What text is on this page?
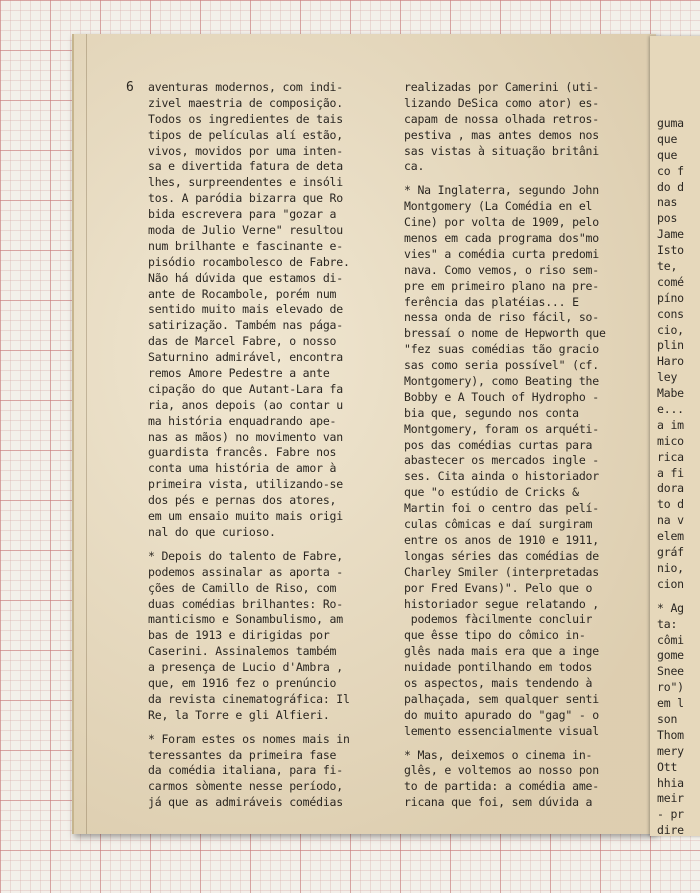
guma
que
que
co f
do d
nas
pos
Jame
Isto
te,
comé
píno
cons
cio,
plin
Haro
ley
Mabe
e...
a im
mico
rica
a fi
dora
to d
na v
elem
gráf
nio,
cion
* Ag
ta:
cômi
gome
Snee
ro")
em l
son
Thom
mery
Ott
hhia
meir
- pr
dire
6 aventuras modernos, com indi-
zivel maestria de composição.
Todos os ingredientes de tais
tipos de películas alí estão,
vivos, movidos por uma inten-
sa e divertida fatura de deta
lhes, surpreendentes e insóli
tos. A paródia bizarra que Ro
bida escrevera para "gozar a
moda de Julio Verne" resultou
num brilhante e fascinante e-
pisódio rocambolesco de Fabre.
Não há dúvida que estamos di-
ante de Rocambole, porém num
sentido muito mais elevado de
satirização. Também nas pága-
das de Marcel Fabre, o nosso
Saturnino admirável, encontra
remos Amore Pedestre a ante
cipação do que Autant-Lara fa
ria, anos depois (ao contar u
ma história enquadrando ape-
nas as mãos) no movimento van
guardista francês. Fabre nos
conta uma história de amor à
primeira vista, utilizando-se
dos pés e pernas dos atores,
em um ensaio muito mais origi
nal do que curioso.
* Depois do talento de Fabre,
podemos assinalar as aporta -
ções de Camillo de Riso, com
duas comédias brilhantes: Ro-
manticismo e Sonambulismo, am
bas de 1913 e dirigidas por
Caserini. Assinalemos também
a presença de Lucio d'Ambra ,
que, em 1916 fez o prenúncio
da revista cinematográfica: Il
Re, la Torre e gli Alfieri.
* Foram estes os nomes mais in
teressantes da primeira fase
da comédia italiana, para fi-
carmos sòmente nesse período,
já que as admiráveis comédias
realizadas por Camerini (uti-
lizando DeSica como ator) es-
capam de nossa olhada retros-
pestiva , mas antes demos nos
sas vistas à situação britâni
ca.
* Na Inglaterra, segundo John
Montgomery (La Comédia en el
Cine) por volta de 1909, pelo
menos em cada programa dos"mo
vies" a comédia curta predomi
nava. Como vemos, o riso sem-
pre em primeiro plano na pre-
ferência das platéias... E
nessa onda de riso fácil, so-
bressaí o nome de Hepworth que
"fez suas comédias tão gracio
sas como seria possível" (cf.
Montgomery), como Beating the
Bobby e A Touch of Hydropho -
bia que, segundo nos conta
Montgomery, foram os arquéti-
pos das comédias curtas para
abastecer os mercados ingle -
ses. Cita ainda o historiador
que "o estúdio de Cricks &
Martin foi o centro das pelí-
culas cômicas e daí surgiram
entre os anos de 1910 e 1911,
longas séries das comédias de
Charley Smiler (interpretadas
por Fred Evans)". Pelo que o
historiador segue relatando ,
podemos fàcilmente concluir
que êsse tipo do cômico in-
glês nada mais era que a inge
nuidade pontilhando em todos
os aspectos, mais tendendo à
palhaçada, sem qualquer senti
do muito apurado do "gag" - o
lemento essencialmente visual
* Mas, deixemos o cinema in-
glês, e voltemos ao nosso pon
to de partida: a comédia ame-
ricana que foi, sem dúvida a
